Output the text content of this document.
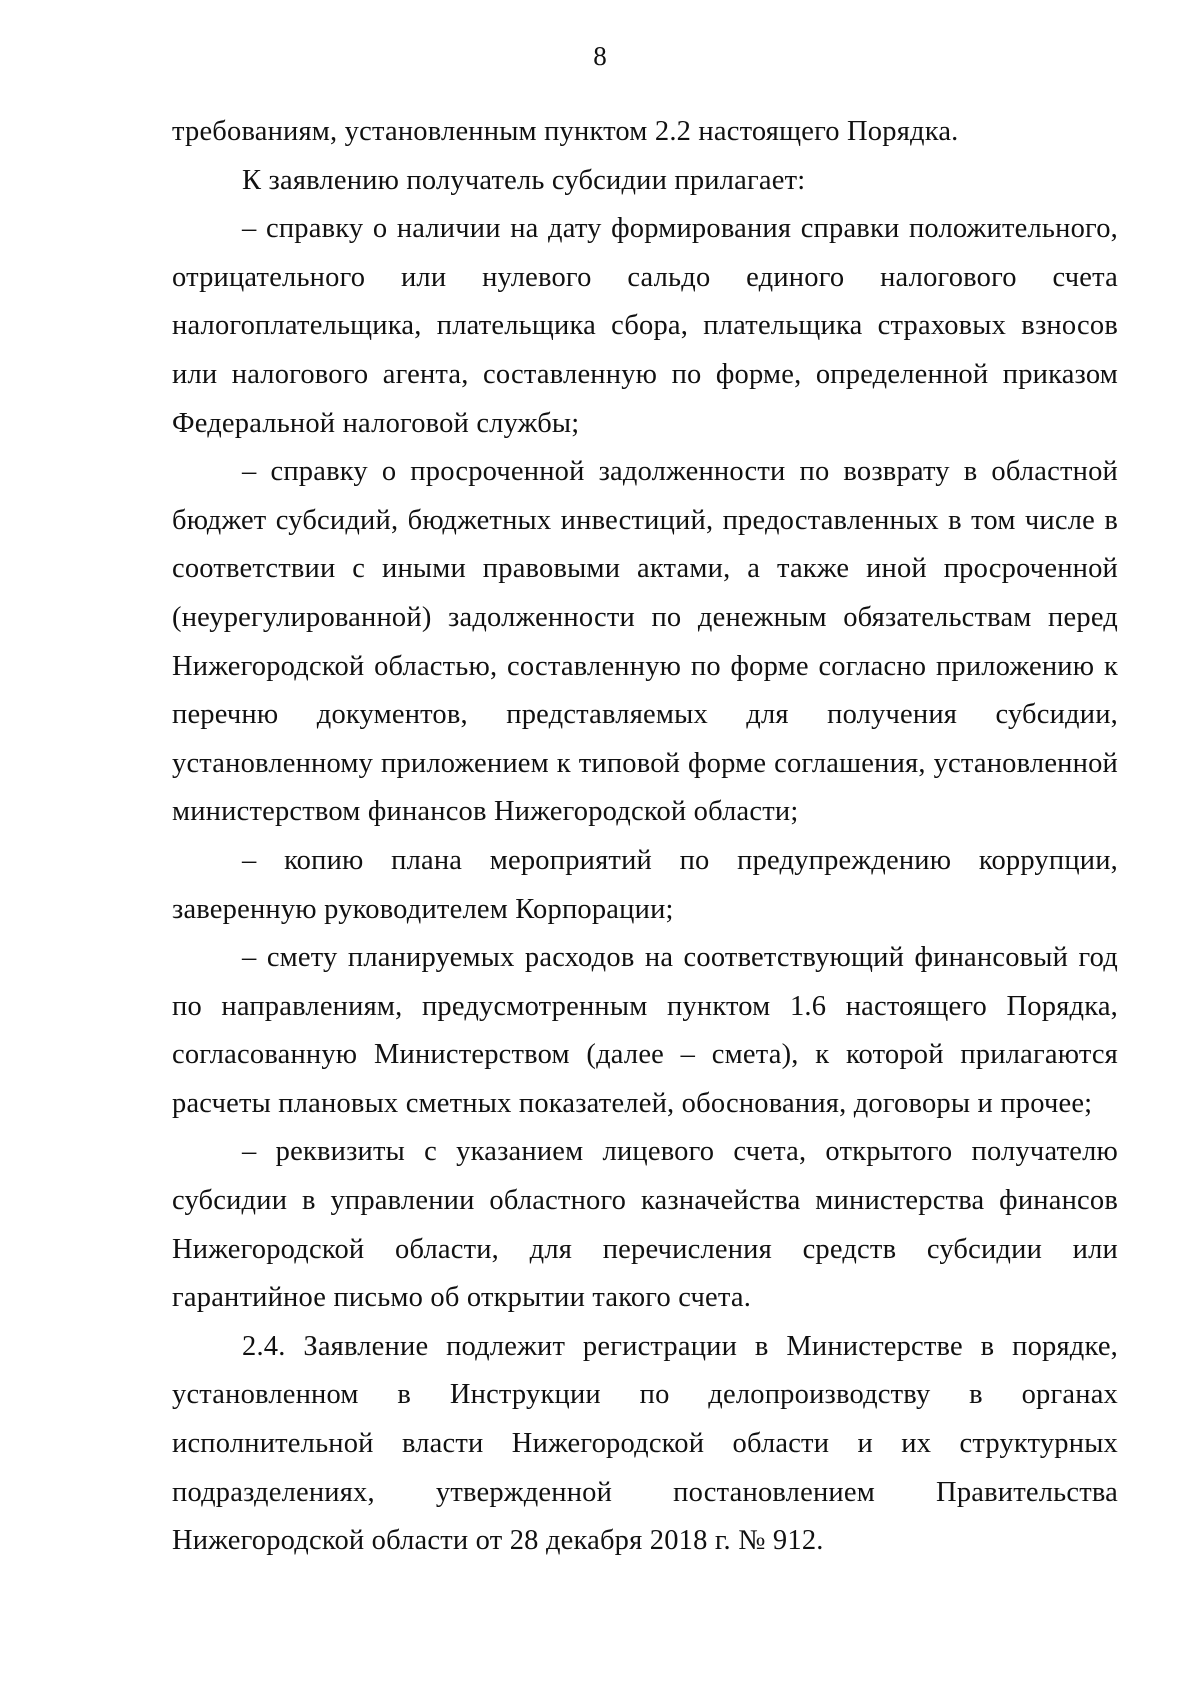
8

требованиям, установленным пунктом 2.2 настоящего Порядка.

К заявлению получатель субсидии прилагает:

– справку о наличии на дату формирования справки положительного, отрицательного или нулевого сальдо единого налогового счета налогоплательщика, плательщика сбора, плательщика страховых взносов или налогового агента, составленную по форме, определенной приказом Федеральной налоговой службы;

– справку о просроченной задолженности по возврату в областной бюджет субсидий, бюджетных инвестиций, предоставленных в том числе в соответствии с иными правовыми актами, а также иной просроченной (неурегулированной) задолженности по денежным обязательствам перед Нижегородской областью, составленную по форме согласно приложению к перечню документов, представляемых для получения субсидии, установленному приложением к типовой форме соглашения, установленной министерством финансов Нижегородской области;

– копию плана мероприятий по предупреждению коррупции, заверенную руководителем Корпорации;

– смету планируемых расходов на соответствующий финансовый год по направлениям, предусмотренным пунктом 1.6 настоящего Порядка, согласованную Министерством (далее – смета), к которой прилагаются расчеты плановых сметных показателей, обоснования, договоры и прочее;

– реквизиты с указанием лицевого счета, открытого получателю субсидии в управлении областного казначейства министерства финансов Нижегородской области, для перечисления средств субсидии или гарантийное письмо об открытии такого счета.

2.4. Заявление подлежит регистрации в Министерстве в порядке, установленном в Инструкции по делопроизводству в органах исполнительной власти Нижегородской области и их структурных подразделениях, утвержденной постановлением Правительства Нижегородской области от 28 декабря 2018 г. № 912.
